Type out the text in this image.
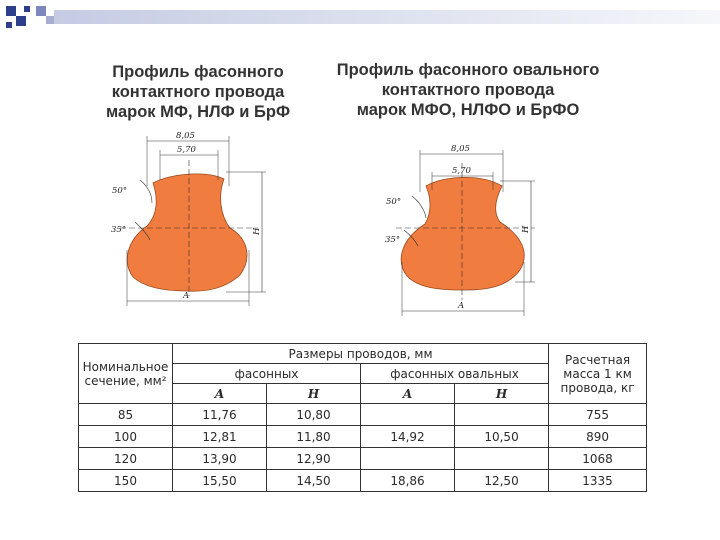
Профиль фасонного
контактного провода
марок МФ, НЛФ и БрФ
Профиль фасонного овального
контактного провода
марок МФО, НЛФО и БрФО
8,05
5,70
H
A
50°
35°
8,05
5,70
H
A
50°
35°
Номинальное сечение, мм²	Размеры проводов, мм				Расчетная масса 1 км провода, кг
	фасонных		фасонных овальных		
	A	H	A	H	
85	11,76	10,80			755
100	12,81	11,80	14,92	10,50	890
120	13,90	12,90			1068
150	15,50	14,50	18,86	12,50	1335
